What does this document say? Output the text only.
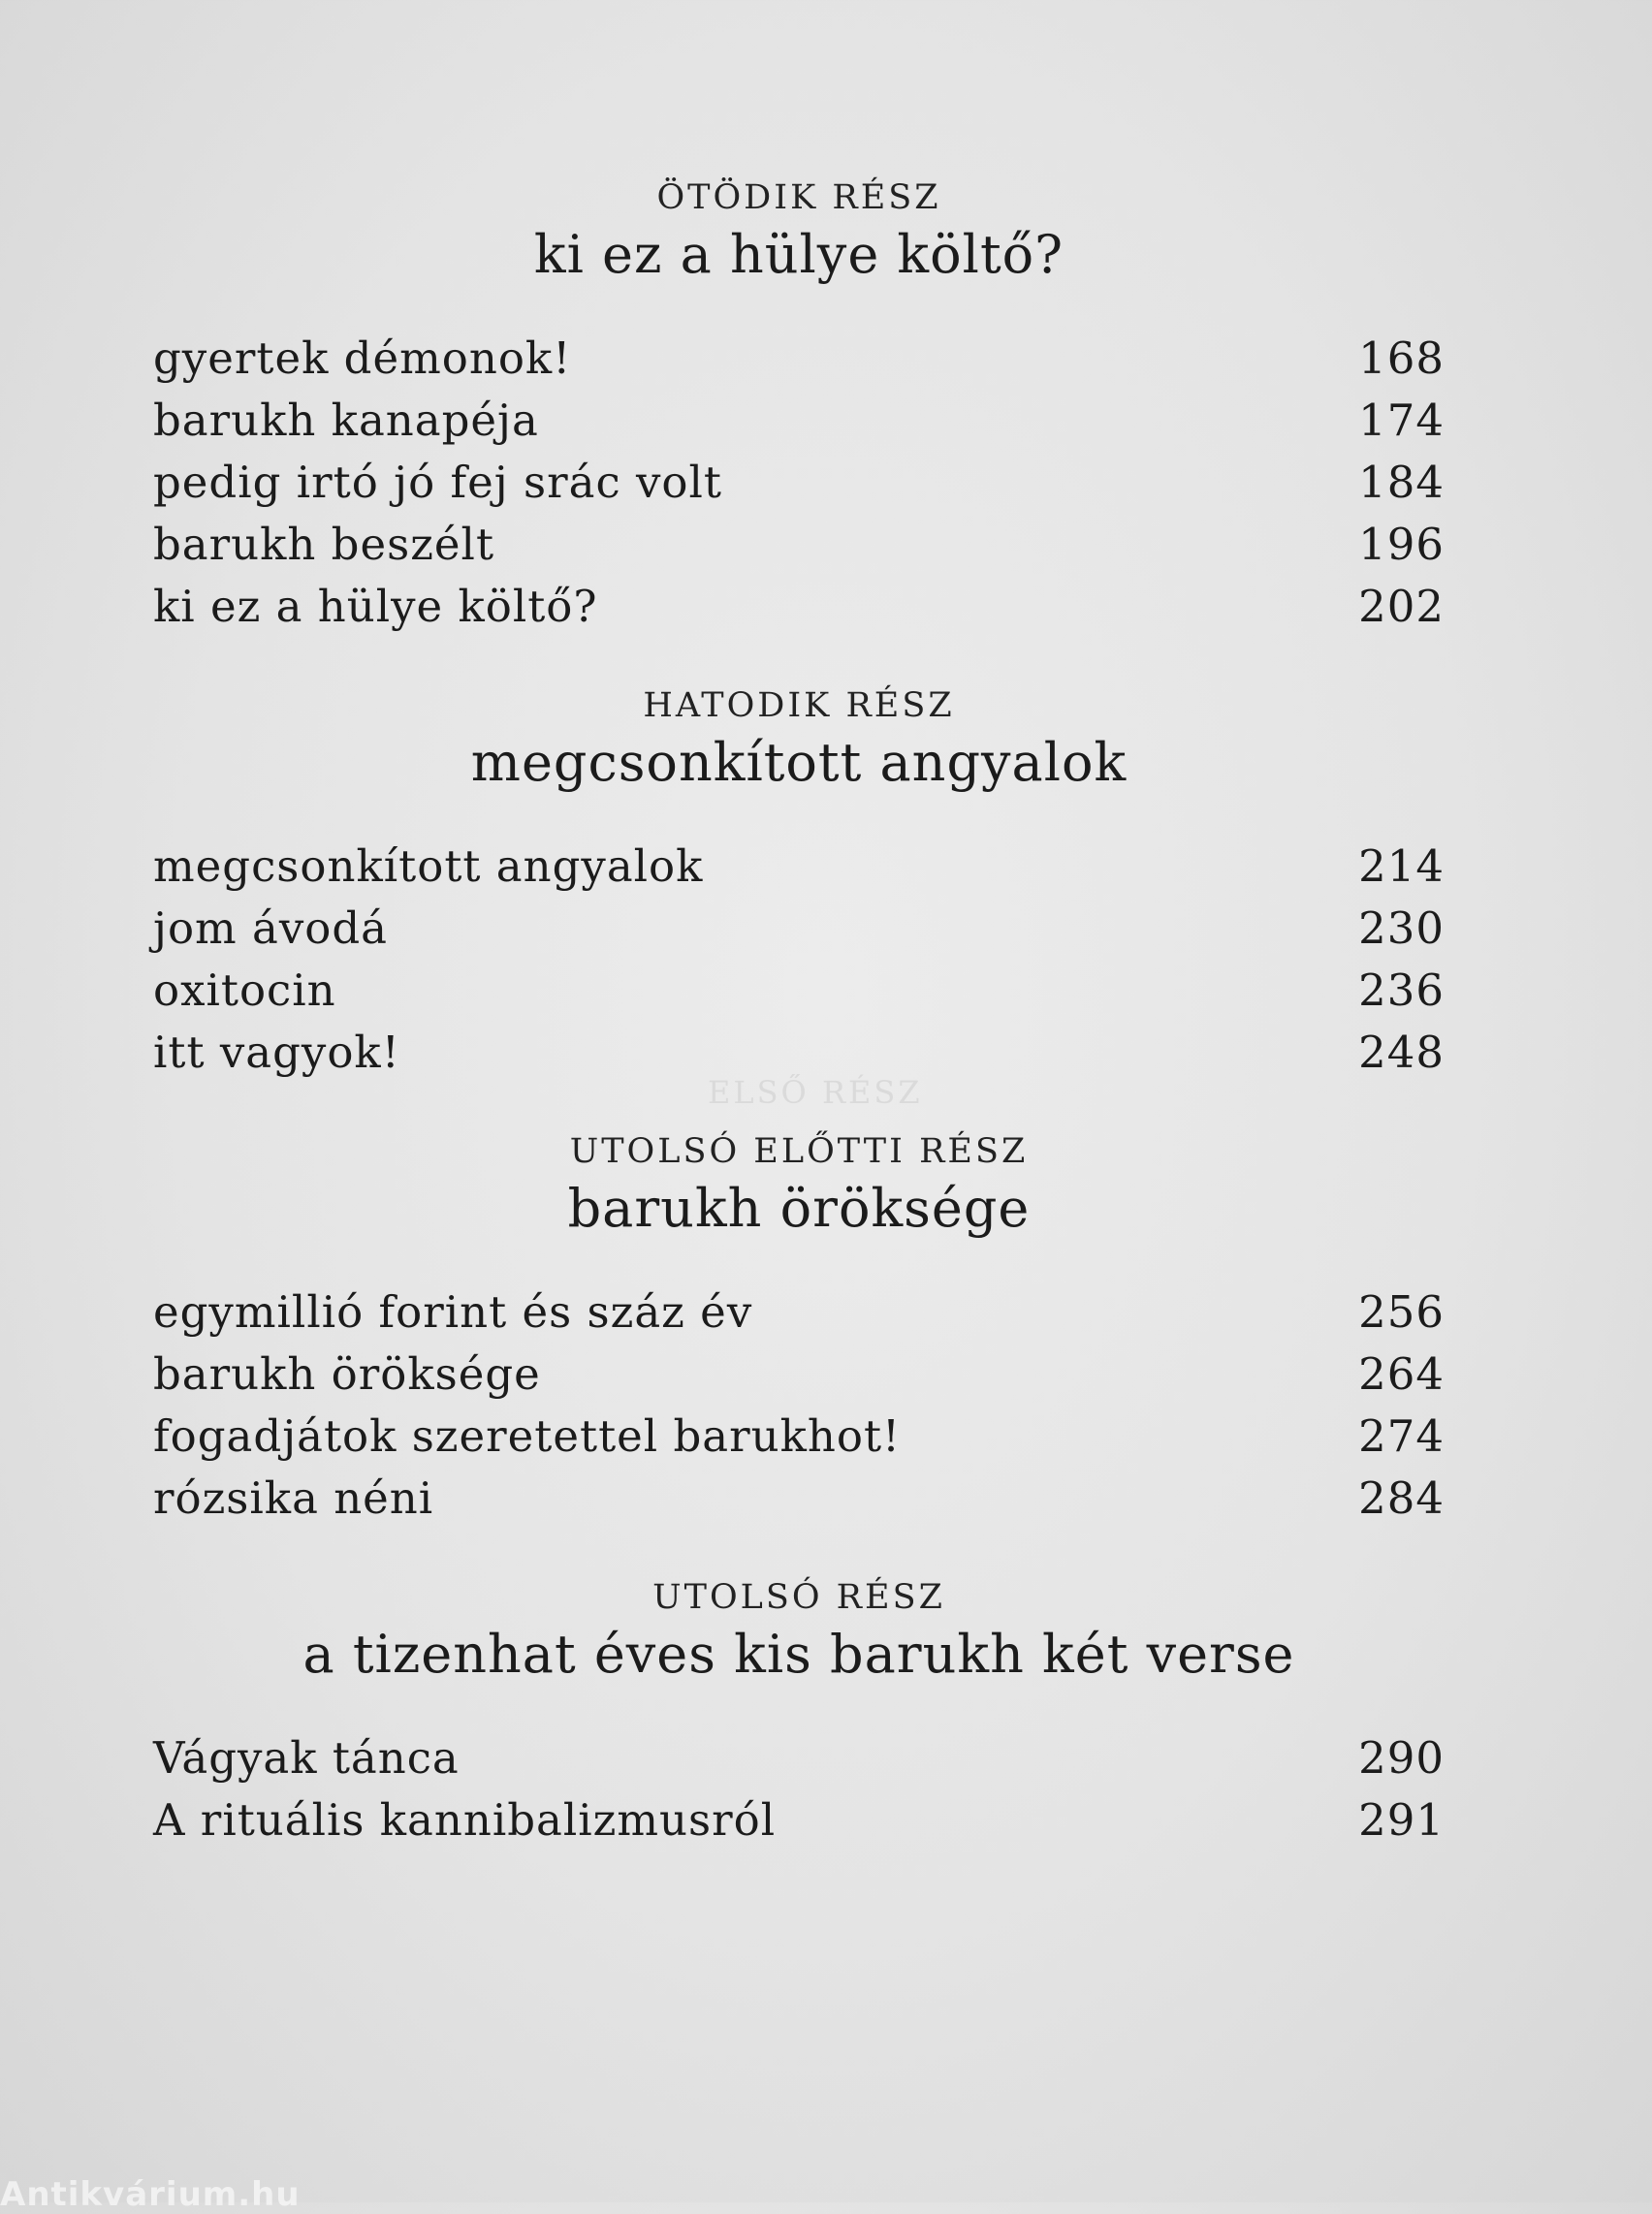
ELSŐ RÉSZ
ÖTÖDIK RÉSZ
ki ez a hülye költő?
gyertek démonok!	168
barukh kanapéja	174
pedig irtó jó fej srác volt	184
barukh beszélt	196
ki ez a hülye költő?	202
HATODIK RÉSZ
megcsonkított angyalok
megcsonkított angyalok	214
jom ávodá	230
oxitocin	236
itt vagyok!	248
UTOLSÓ ELŐTTI RÉSZ
barukh öröksége
egymillió forint és száz év	256
barukh öröksége	264
fogadjátok szeretettel barukhot!	274
rózsika néni	284
UTOLSÓ RÉSZ
a tizenhat éves kis barukh két verse
Vágyak tánca	290
A rituális kannibalizmusról	291
Antikvárium.hu
